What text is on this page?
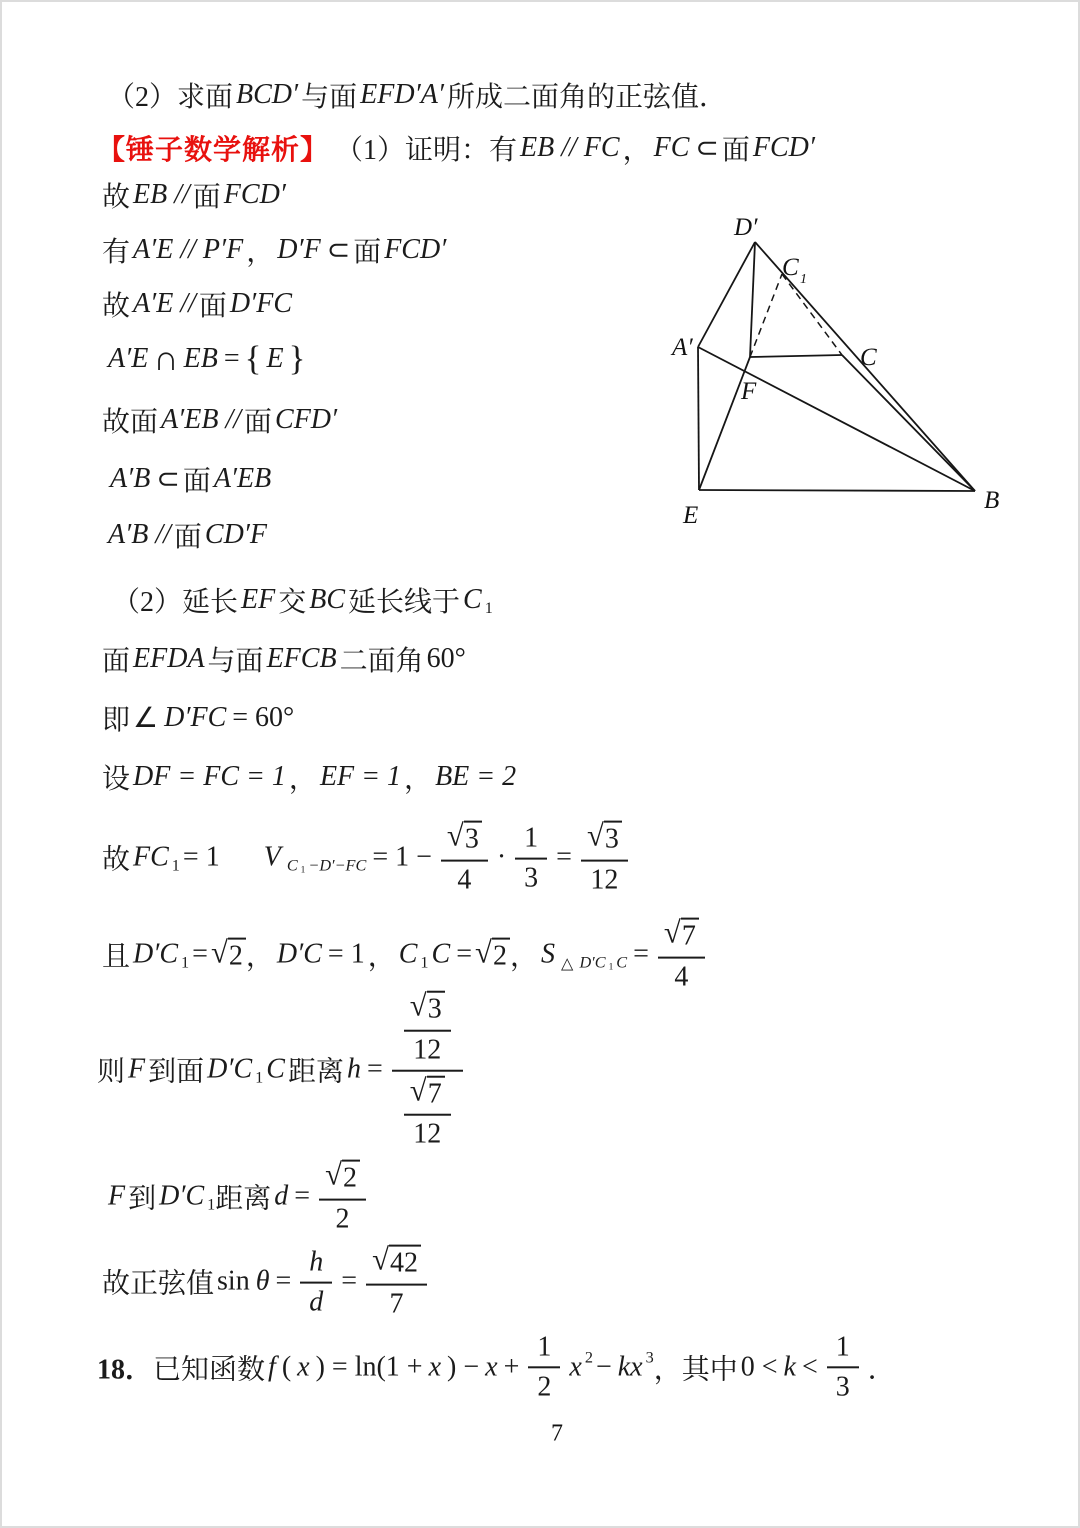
（2）求面 BCD′ 与面 EFD′A′ 所成二面角的正弦值．
【锤子数学解析】 （1）证明：有 EB // FC ， FC ⊂ 面 FCD′
故 EB // 面 FCD′
有 A′E // P′F ， D′F ⊂ 面 FCD′
故 A′E // 面 D′FC
A′E ∩ EB = { E }
故面 A′EB // 面 CFD′
A′B ⊂ 面 A′EB
A′B // 面 CD′F
（2）延长 EF 交 BC 延长线于 C 1
面 EFDA 与面 EFCB 二面角 60°
即 ∠ D′FC = 60°
设 DF = FC = 1 ， EF = 1 ， BE = 2
故 FC 1 = 1 V C $1 -D'-FC = 1 - \frac{√ 3}{4} \cdot \frac{1}{3} = \frac{√ 3}{12}$
且 D′C 1 = √ 2 ， D′C = 1 ， C 1 C = √ 2 ， S △ D′C 1 $C = \frac{√ 7}{4}$
则 F 到面 D′C 1 C 距离 $h = \frac{\frac{√ 3}{12}}{\frac{√ 7}{12}}$
F 到 D′C 1 距离 $d = \frac{√ 2}{2}$
故正弦值 $\sin \theta = \frac{h}{d} = \frac{√ 42}{7}$
18． 已知函数 f ( x ) = ln(1 + x ) − $x + \frac{1}{2}$ x 2 − kx 3 ，其中 $0 < k < \frac{1}{3}$ ．
D′
C 1
A′
F
C
E
B
7
